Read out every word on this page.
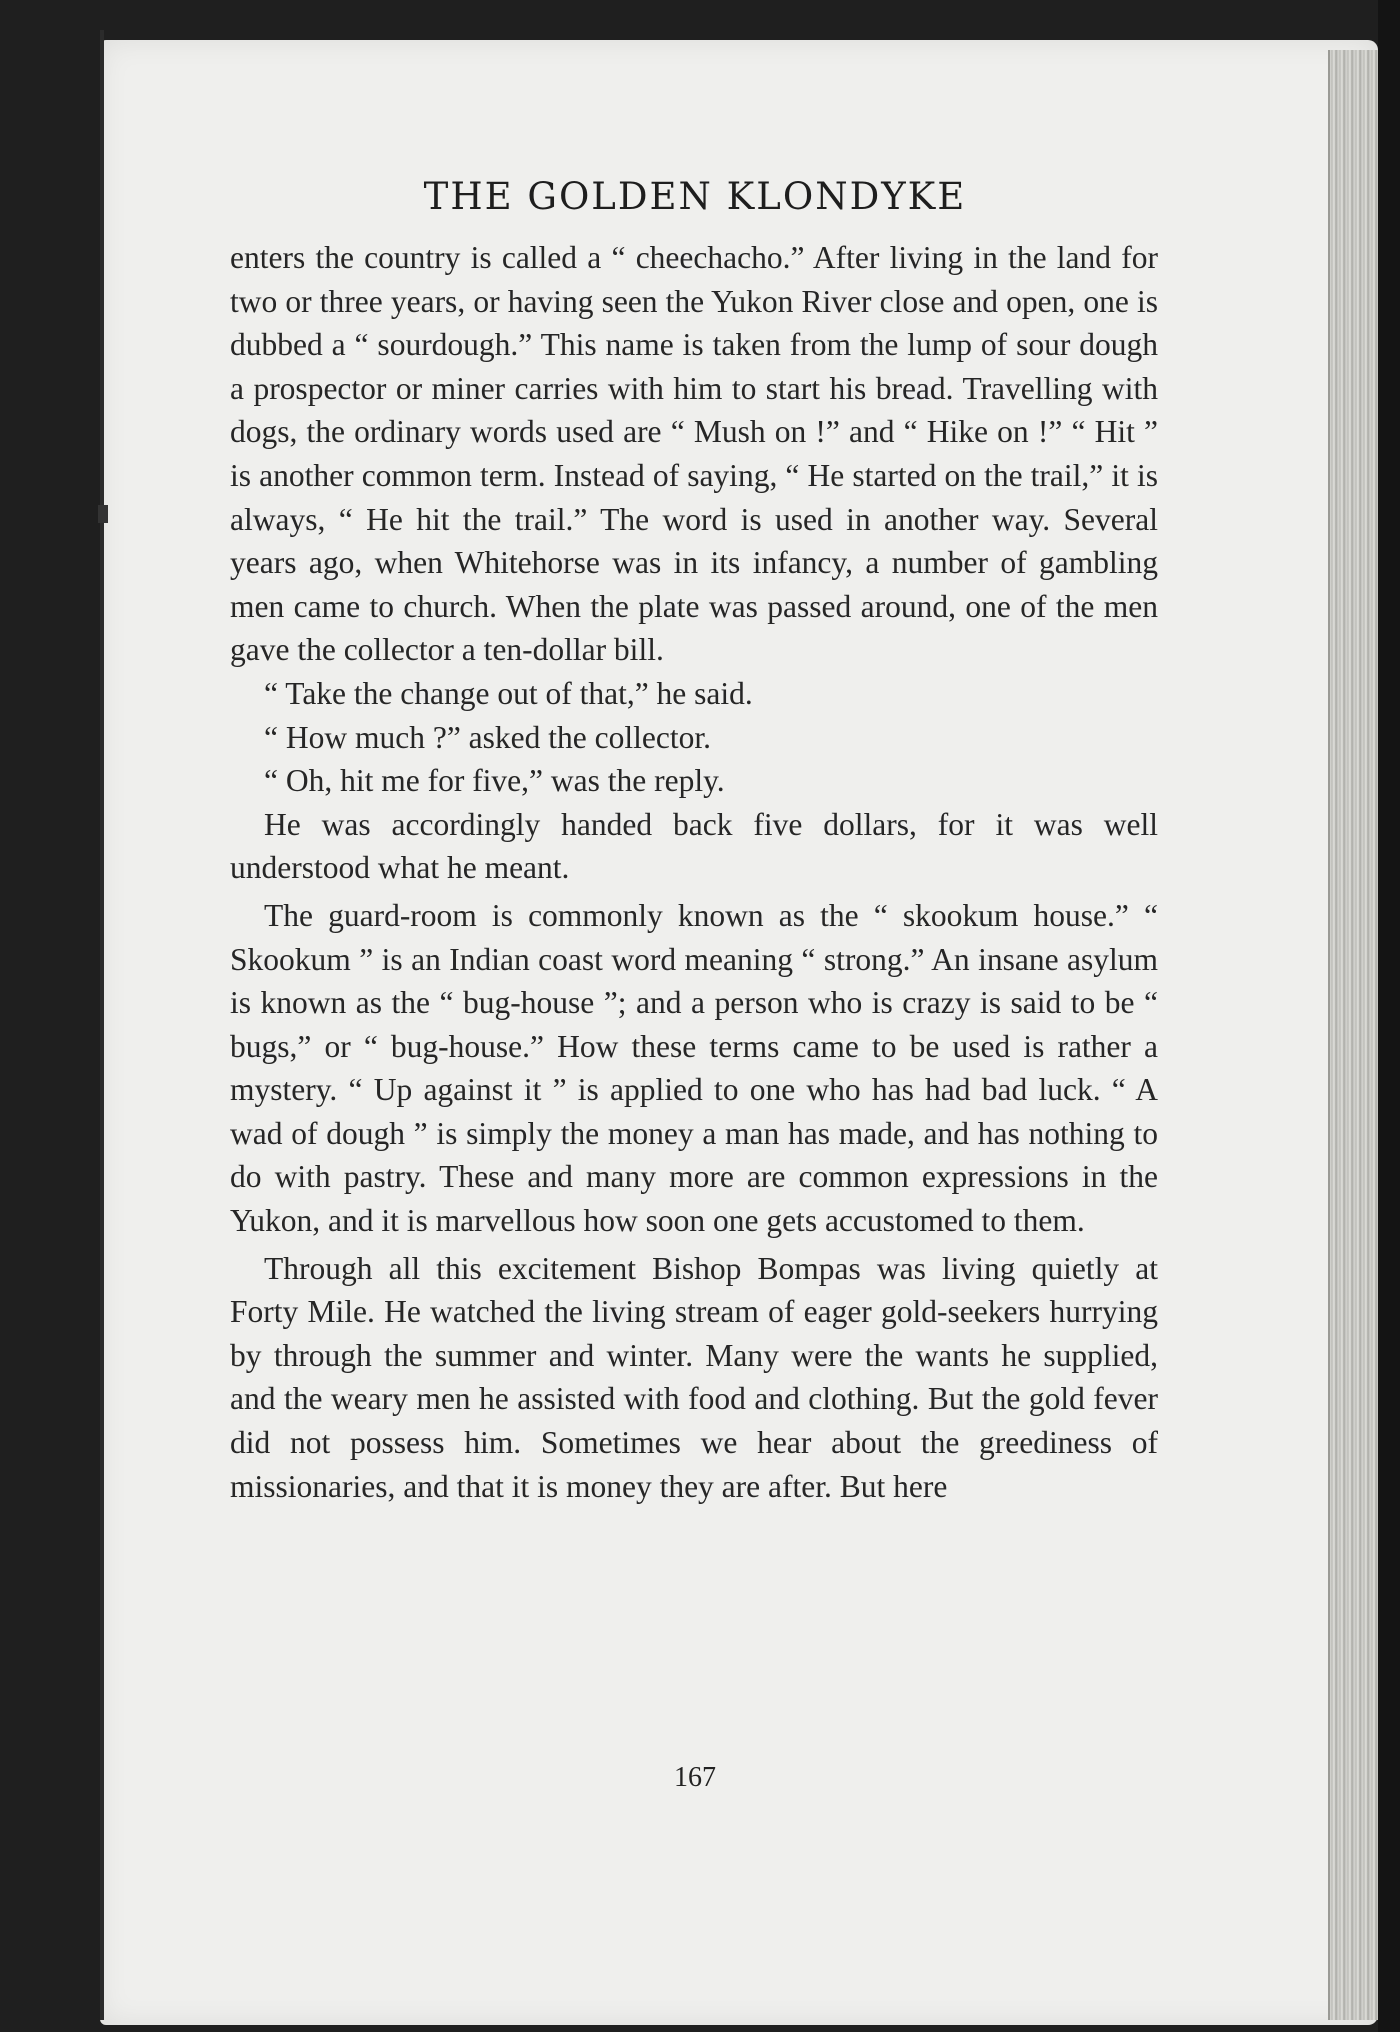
THE GOLDEN KLONDYKE

enters the country is called a “ cheechacho.” After living in the land for two or three years, or having seen the Yukon River close and open, one is dubbed a “ sourdough.” This name is taken from the lump of sour dough a prospector or miner carries with him to start his bread. Travelling with dogs, the ordinary words used are “ Mush on !” and “ Hike on !” “ Hit ” is another common term. Instead of saying, “ He started on the trail,” it is always, “ He hit the trail.” The word is used in another way. Several years ago, when Whitehorse was in its infancy, a number of gambling men came to church. When the plate was passed around, one of the men gave the collector a ten-dollar bill.

“ Take the change out of that,” he said.

“ How much ?” asked the collector.

“ Oh, hit me for five,” was the reply.

He was accordingly handed back five dollars, for it was well understood what he meant.

The guard-room is commonly known as the “ skookum house.” “ Skookum ” is an Indian coast word meaning “ strong.” An insane asylum is known as the “ bug-house ”; and a person who is crazy is said to be “ bugs,” or “ bug-house.” How these terms came to be used is rather a mystery. “ Up against it ” is applied to one who has had bad luck. “ A wad of dough ” is simply the money a man has made, and has nothing to do with pastry. These and many more are common expressions in the Yukon, and it is marvellous how soon one gets accustomed to them.

Through all this excitement Bishop Bompas was living quietly at Forty Mile. He watched the living stream of eager gold-seekers hurrying by through the summer and winter. Many were the wants he supplied, and the weary men he assisted with food and clothing. But the gold fever did not possess him. Sometimes we hear about the greediness of missionaries, and that it is money they are after. But here

167
